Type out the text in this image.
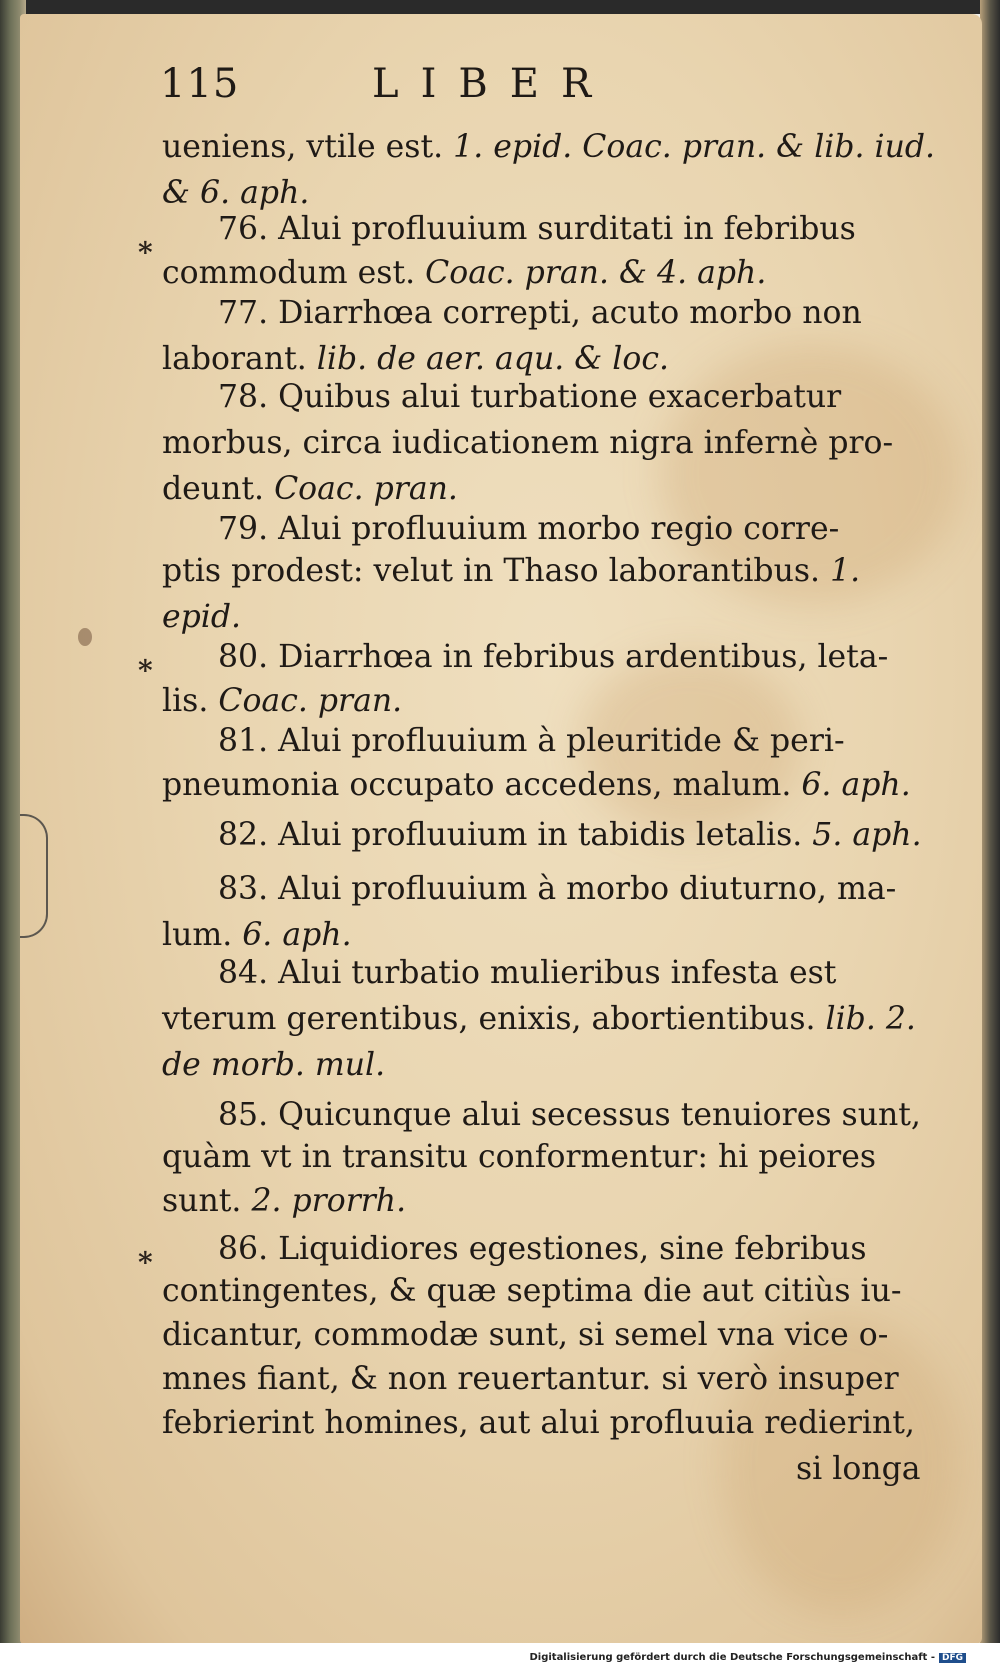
115	LIBER
*
*
*
ueniens, vtile est. 1. epid. Coac. pran. & lib. iud.
& 6. aph.
76. Alui profluuium surditati in febribus
commodum est. Coac. pran. & 4. aph.
77. Diarrhœa correpti, acuto morbo non
laborant. lib. de aer. aqu. & loc.
78. Quibus alui turbatione exacerbatur
morbus, circa iudicationem nigra infernè pro-
deunt. Coac. pran.
79. Alui profluuium morbo regio corre-
ptis prodest: velut in Thaso laborantibus. 1.
epid.
80. Diarrhœa in febribus ardentibus, leta-
lis. Coac. pran.
81. Alui profluuium à pleuritide & peri-
pneumonia occupato accedens, malum. 6. aph.
82. Alui profluuium in tabidis letalis. 5. aph.
83. Alui profluuium à morbo diuturno, ma-
lum. 6. aph.
84. Alui turbatio mulieribus infesta est
vterum gerentibus, enixis, abortientibus. lib. 2.
de morb. mul.
85. Quicunque alui secessus tenuiores sunt,
quàm vt in transitu conformentur: hi peiores
sunt. 2. prorrh.
86. Liquidiores egestiones, sine febribus
contingentes, & quæ septima die aut citiùs iu-
dicantur, commodæ sunt, si semel vna vice o-
mnes fiant, & non reuertantur. si verò insuper
febrierint homines, aut alui profluuia redierint,
si longa
Digitalisierung gefördert durch die Deutsche Forschungsgemeinschaft - DFG
